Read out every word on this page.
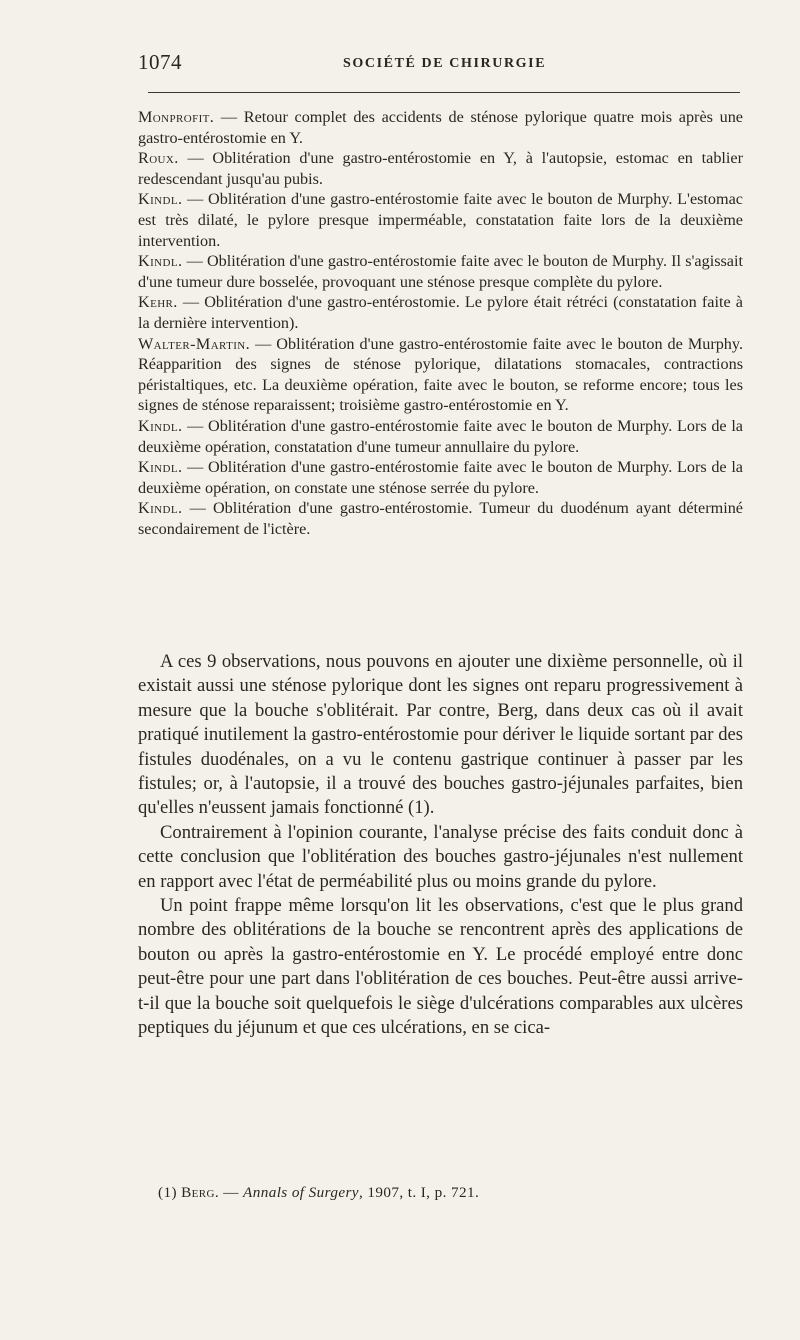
1074	SOCIÉTÉ DE CHIRURGIE

Monprofit. — Retour complet des accidents de sténose pylorique quatre mois après une gastro-entérostomie en Y.

Roux. — Oblitération d'une gastro-entérostomie en Y, à l'autopsie, estomac en tablier redescendant jusqu'au pubis.

Kindl. — Oblitération d'une gastro-entérostomie faite avec le bouton de Murphy. L'estomac est très dilaté, le pylore presque imperméable, constatation faite lors de la deuxième intervention.

Kindl. — Oblitération d'une gastro-entérostomie faite avec le bouton de Murphy. Il s'agissait d'une tumeur dure bosselée, provoquant une sténose presque complète du pylore.

Kehr. — Oblitération d'une gastro-entérostomie. Le pylore était rétréci (constatation faite à la dernière intervention).

Walter-Martin. — Oblitération d'une gastro-entérostomie faite avec le bouton de Murphy. Réapparition des signes de sténose pylorique, dilatations stomacales, contractions péristaltiques, etc. La deuxième opération, faite avec le bouton, se reforme encore; tous les signes de sténose reparaissent; troisième gastro-entérostomie en Y.

Kindl. — Oblitération d'une gastro-entérostomie faite avec le bouton de Murphy. Lors de la deuxième opération, constatation d'une tumeur annullaire du pylore.

Kindl. — Oblitération d'une gastro-entérostomie faite avec le bouton de Murphy. Lors de la deuxième opération, on constate une sténose serrée du pylore.

Kindl. — Oblitération d'une gastro-entérostomie. Tumeur du duodénum ayant déterminé secondairement de l'ictère.

A ces 9 observations, nous pouvons en ajouter une dixième personnelle, où il existait aussi une sténose pylorique dont les signes ont reparu progressivement à mesure que la bouche s'oblitérait. Par contre, Berg, dans deux cas où il avait pratiqué inutilement la gastro-entérostomie pour dériver le liquide sortant par des fistules duodénales, on a vu le contenu gastrique continuer à passer par les fistules; or, à l'autopsie, il a trouvé des bouches gastro-jéjunales parfaites, bien qu'elles n'eussent jamais fonctionné (1).

Contrairement à l'opinion courante, l'analyse précise des faits conduit donc à cette conclusion que l'oblitération des bouches gastro-jéjunales n'est nullement en rapport avec l'état de perméabilité plus ou moins grande du pylore.

Un point frappe même lorsqu'on lit les observations, c'est que le plus grand nombre des oblitérations de la bouche se rencontrent après des applications de bouton ou après la gastro-entérostomie en Y. Le procédé employé entre donc peut-être pour une part dans l'oblitération de ces bouches. Peut-être aussi arrive-t-il que la bouche soit quelquefois le siège d'ulcérations comparables aux ulcères peptiques du jéjunum et que ces ulcérations, en se cica-

(1) Berg. — Annals of Surgery, 1907, t. I, p. 721.
